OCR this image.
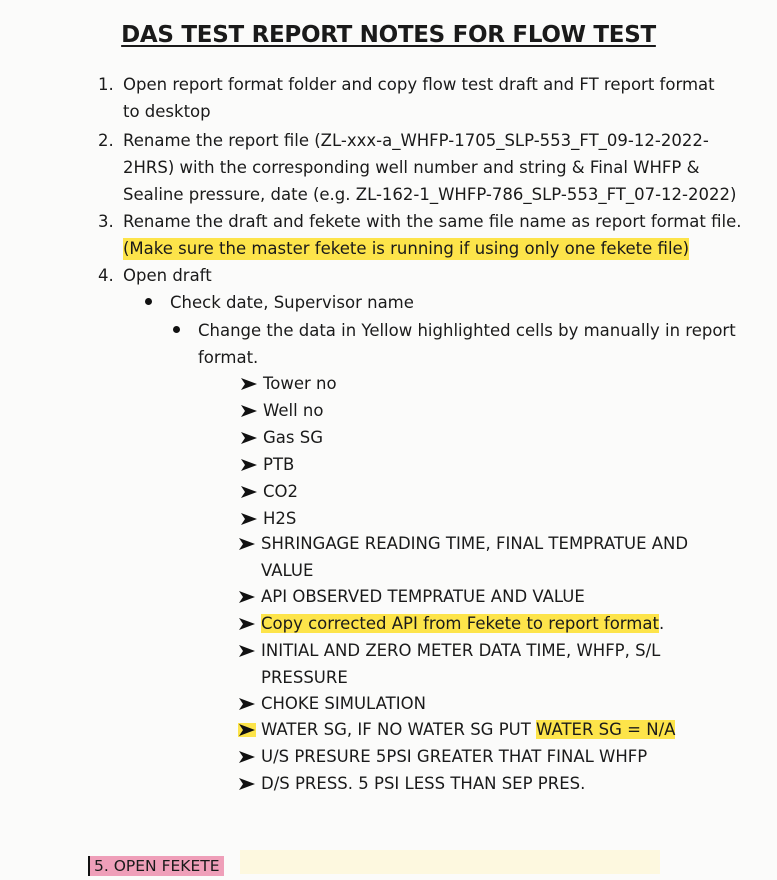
DAS TEST REPORT NOTES FOR FLOW TEST
1. Open report format folder and copy flow test draft and FT report format
to desktop
2. Rename the report file (ZL-xxx-a_WHFP-1705_SLP-553_FT_09-12-2022-
2HRS) with the corresponding well number and string & Final WHFP &
Sealine pressure, date (e.g. ZL-162-1_WHFP-786_SLP-553_FT_07-12-2022)
3. Rename the draft and fekete with the same file name as report format file.
(Make sure the master fekete is running if using only one fekete file)
4. Open draft
Check date, Supervisor name
Change the data in Yellow highlighted cells by manually in report
format.
Tower no
Well no
Gas SG
PTB
CO2
H2S
SHRINGAGE READING TIME, FINAL TEMPRATUE AND
VALUE
API OBSERVED TEMPRATUE AND VALUE
Copy corrected API from Fekete to report format.
INITIAL AND ZERO METER DATA TIME, WHFP, S/L
PRESSURE
CHOKE SIMULATION
WATER SG, IF NO WATER SG PUT WATER SG = N/A
U/S PRESURE 5PSI GREATER THAT FINAL WHFP
D/S PRESS. 5 PSI LESS THAN SEP PRES.
5. OPEN FEKETE
